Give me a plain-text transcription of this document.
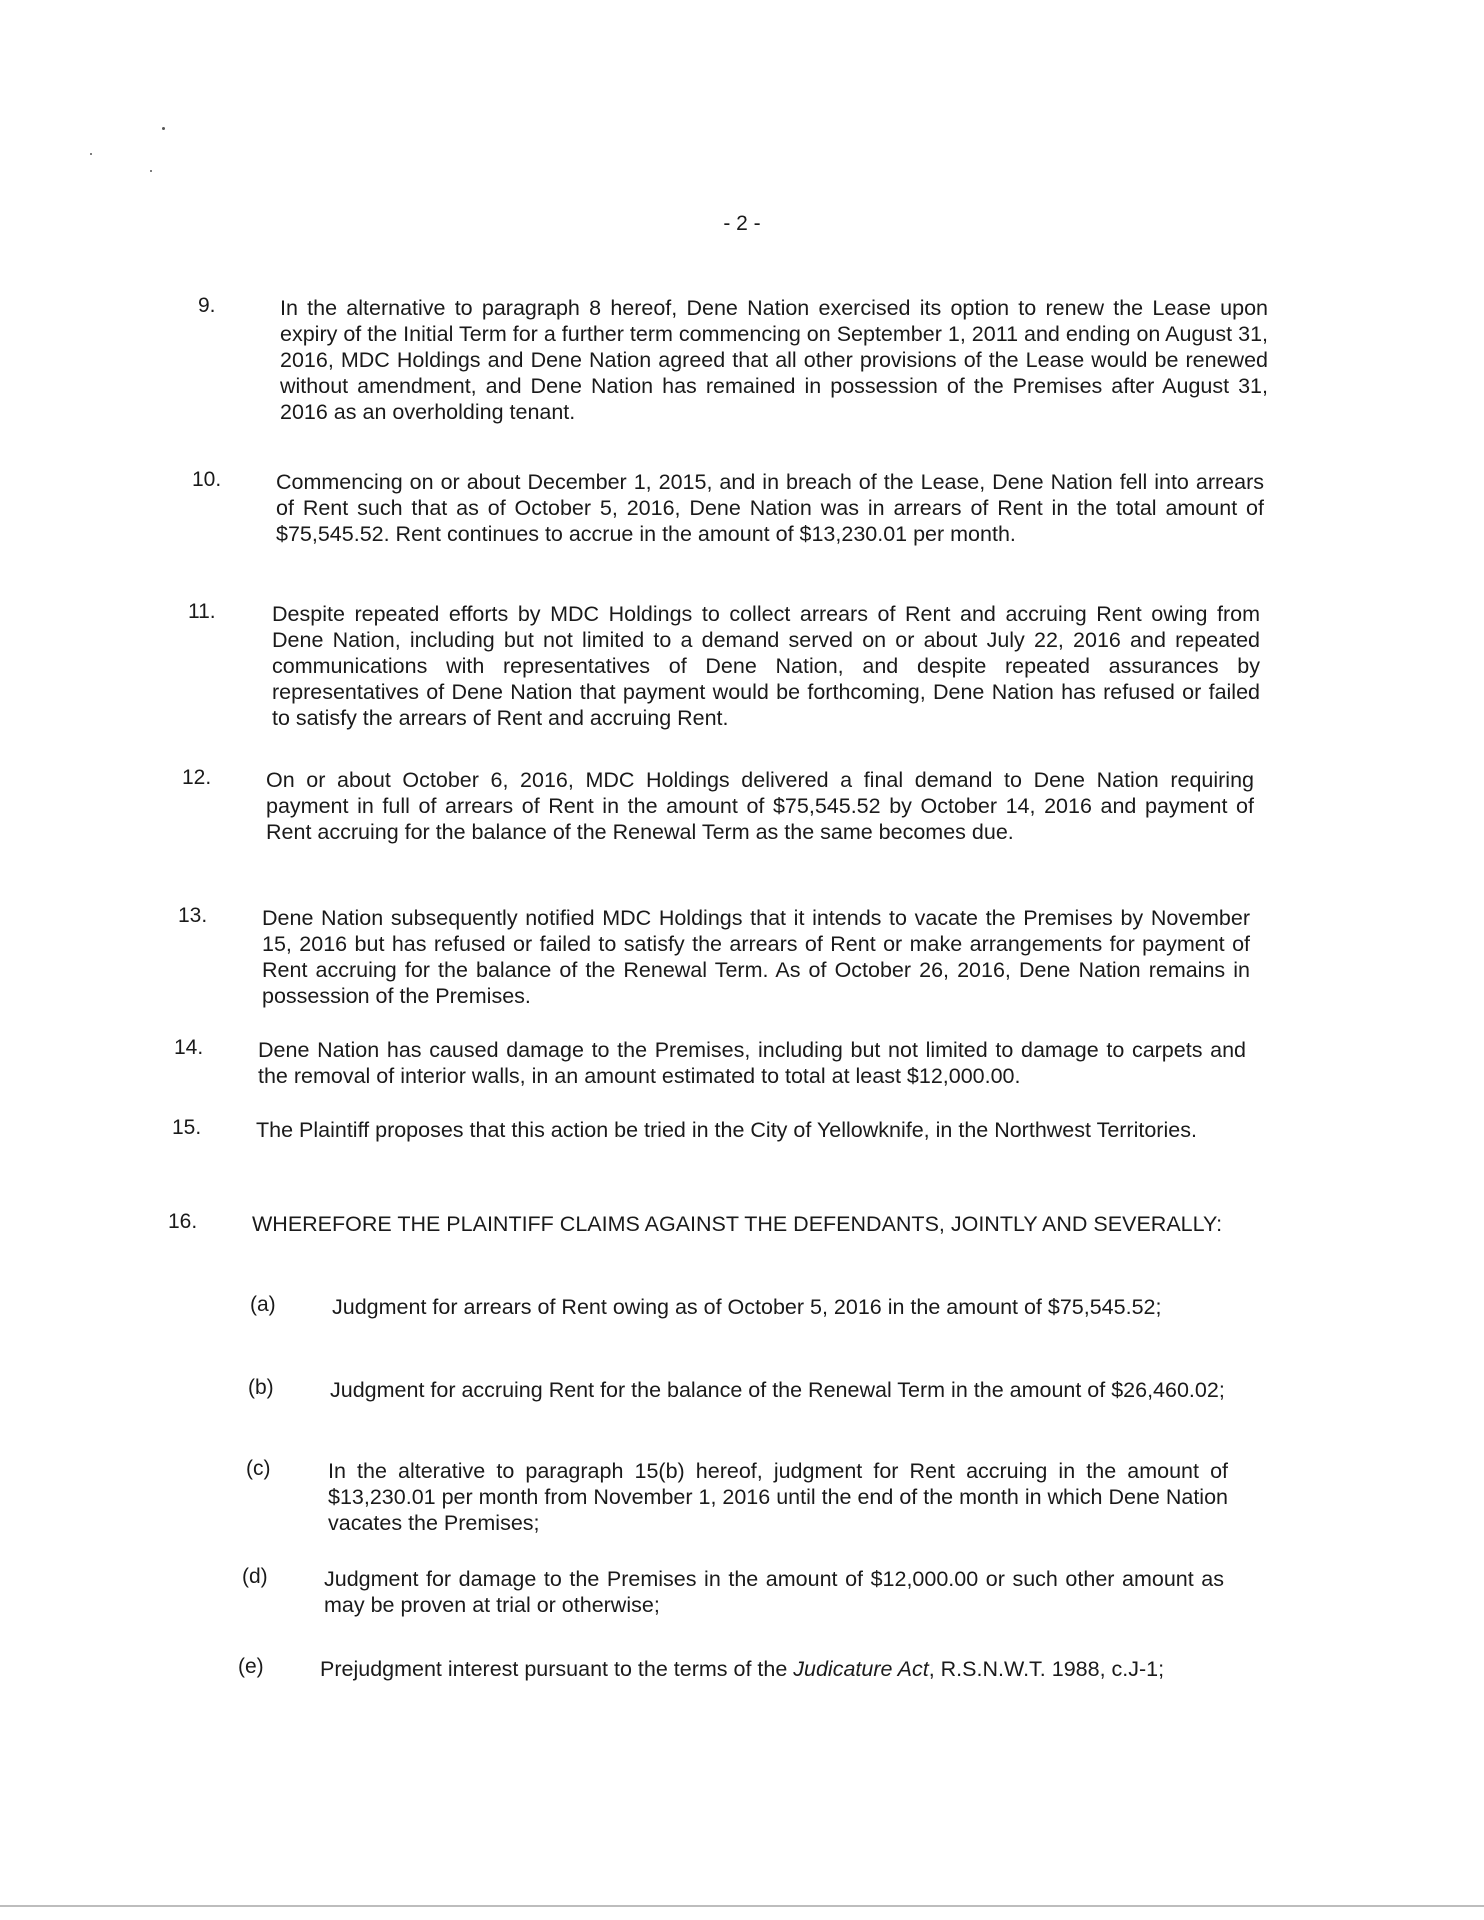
- 2 -
9.	In the alternative to paragraph 8 hereof, Dene Nation exercised its option to renew the Lease upon expiry of the Initial Term for a further term commencing on September 1, 2011 and ending on August 31, 2016, MDC Holdings and Dene Nation agreed that all other provisions of the Lease would be renewed without amendment, and Dene Nation has remained in possession of the Premises after August 31, 2016 as an overholding tenant.
10.	Commencing on or about December 1, 2015, and in breach of the Lease, Dene Nation fell into arrears of Rent such that as of October 5, 2016, Dene Nation was in arrears of Rent in the total amount of $75,545.52. Rent continues to accrue in the amount of $13,230.01 per month.
11.	Despite repeated efforts by MDC Holdings to collect arrears of Rent and accruing Rent owing from Dene Nation, including but not limited to a demand served on or about July 22, 2016 and repeated communications with representatives of Dene Nation, and despite repeated assurances by representatives of Dene Nation that payment would be forthcoming, Dene Nation has refused or failed to satisfy the arrears of Rent and accruing Rent.
12.	On or about October 6, 2016, MDC Holdings delivered a final demand to Dene Nation requiring payment in full of arrears of Rent in the amount of $75,545.52 by October 14, 2016 and payment of Rent accruing for the balance of the Renewal Term as the same becomes due.
13.	Dene Nation subsequently notified MDC Holdings that it intends to vacate the Premises by November 15, 2016 but has refused or failed to satisfy the arrears of Rent or make arrangements for payment of Rent accruing for the balance of the Renewal Term. As of October 26, 2016, Dene Nation remains in possession of the Premises.
14.	Dene Nation has caused damage to the Premises, including but not limited to damage to carpets and the removal of interior walls, in an amount estimated to total at least $12,000.00.
15.	The Plaintiff proposes that this action be tried in the City of Yellowknife, in the Northwest Territories.
16.	WHEREFORE THE PLAINTIFF CLAIMS AGAINST THE DEFENDANTS, JOINTLY AND SEVERALLY:
(a)	Judgment for arrears of Rent owing as of October 5, 2016 in the amount of $75,545.52;
(b)	Judgment for accruing Rent for the balance of the Renewal Term in the amount of $26,460.02;
(c)	In the alterative to paragraph 15(b) hereof, judgment for Rent accruing in the amount of $13,230.01 per month from November 1, 2016 until the end of the month in which Dene Nation vacates the Premises;
(d)	Judgment for damage to the Premises in the amount of $12,000.00 or such other amount as may be proven at trial or otherwise;
(e)	Prejudgment interest pursuant to the terms of the Judicature Act, R.S.N.W.T. 1988, c.J-1;
